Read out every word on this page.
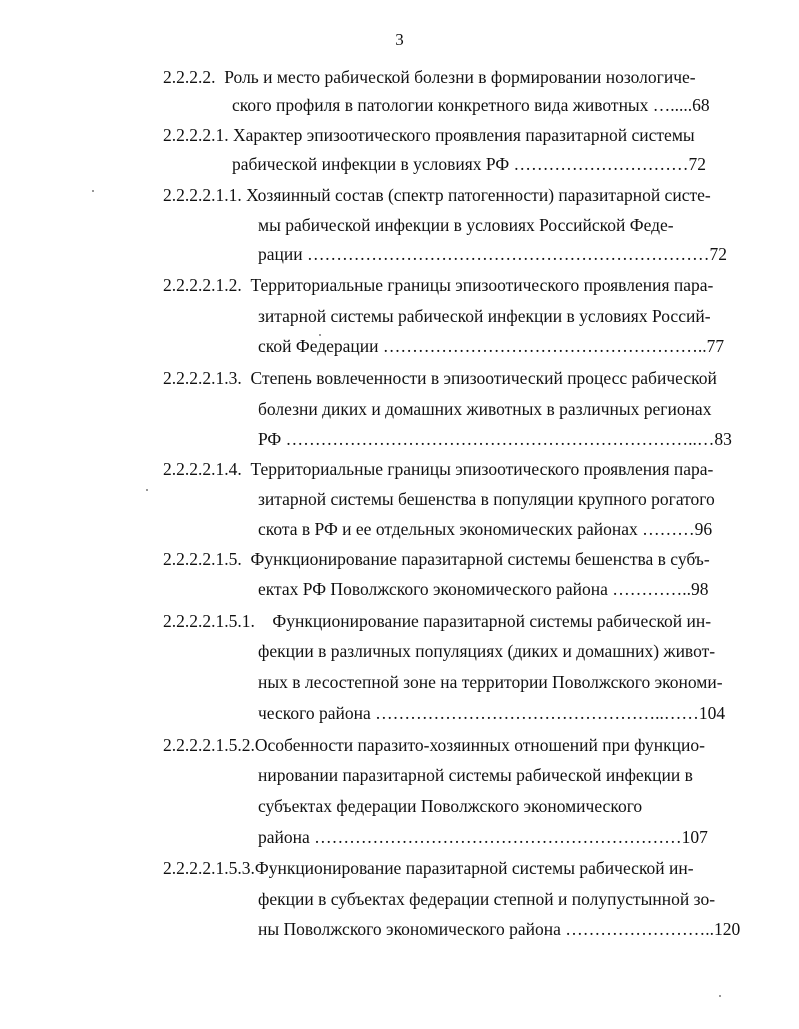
3
2.2.2.2.  Роль и место рабической болезни в формировании нозологиче-
ского профиля в патологии конкретного вида животных ….....68
2.2.2.2.1. Характер эпизоотического проявления паразитарной системы
рабической инфекции в условиях РФ …………………………72
2.2.2.2.1.1. Хозяинный состав (спектр патогенности) паразитарной систе-
мы рабической инфекции в условиях Российской Феде-
рации ……………………………………………………………72
2.2.2.2.1.2.  Территориальные границы эпизоотического проявления пара-
зитарной системы рабической инфекции в условиях Россий-
ской Федерации ………………………………………………..77
2.2.2.2.1.3.  Степень вовлеченности в эпизоотический процесс рабической
болезни диких и домашних животных в различных регионах
РФ ……………………………………………………………..…83
2.2.2.2.1.4.  Территориальные границы эпизоотического проявления пара-
зитарной системы бешенства в популяции крупного рогатого
скота в РФ и ее отдельных экономических районах ………96
2.2.2.2.1.5.  Функционирование паразитарной системы бешенства в субъ-
ектах РФ Поволжского экономического района …………..98
2.2.2.2.1.5.1.    Функционирование паразитарной системы рабической ин-
фекции в различных популяциях (диких и домашних) живот-
ных в лесостепной зоне на территории Поволжского экономи-
ческого района …………………………………………..……104
2.2.2.2.1.5.2.Особенности паразито-хозяинных отношений при функцио-
нировании паразитарной системы рабической инфекции в
субъектах федерации Поволжского экономического
района ………………………………………………………107
2.2.2.2.1.5.3.Функционирование паразитарной системы рабической ин-
фекции в субъектах федерации степной и полупустынной зо-
ны Поволжского экономического района ……………………..120
